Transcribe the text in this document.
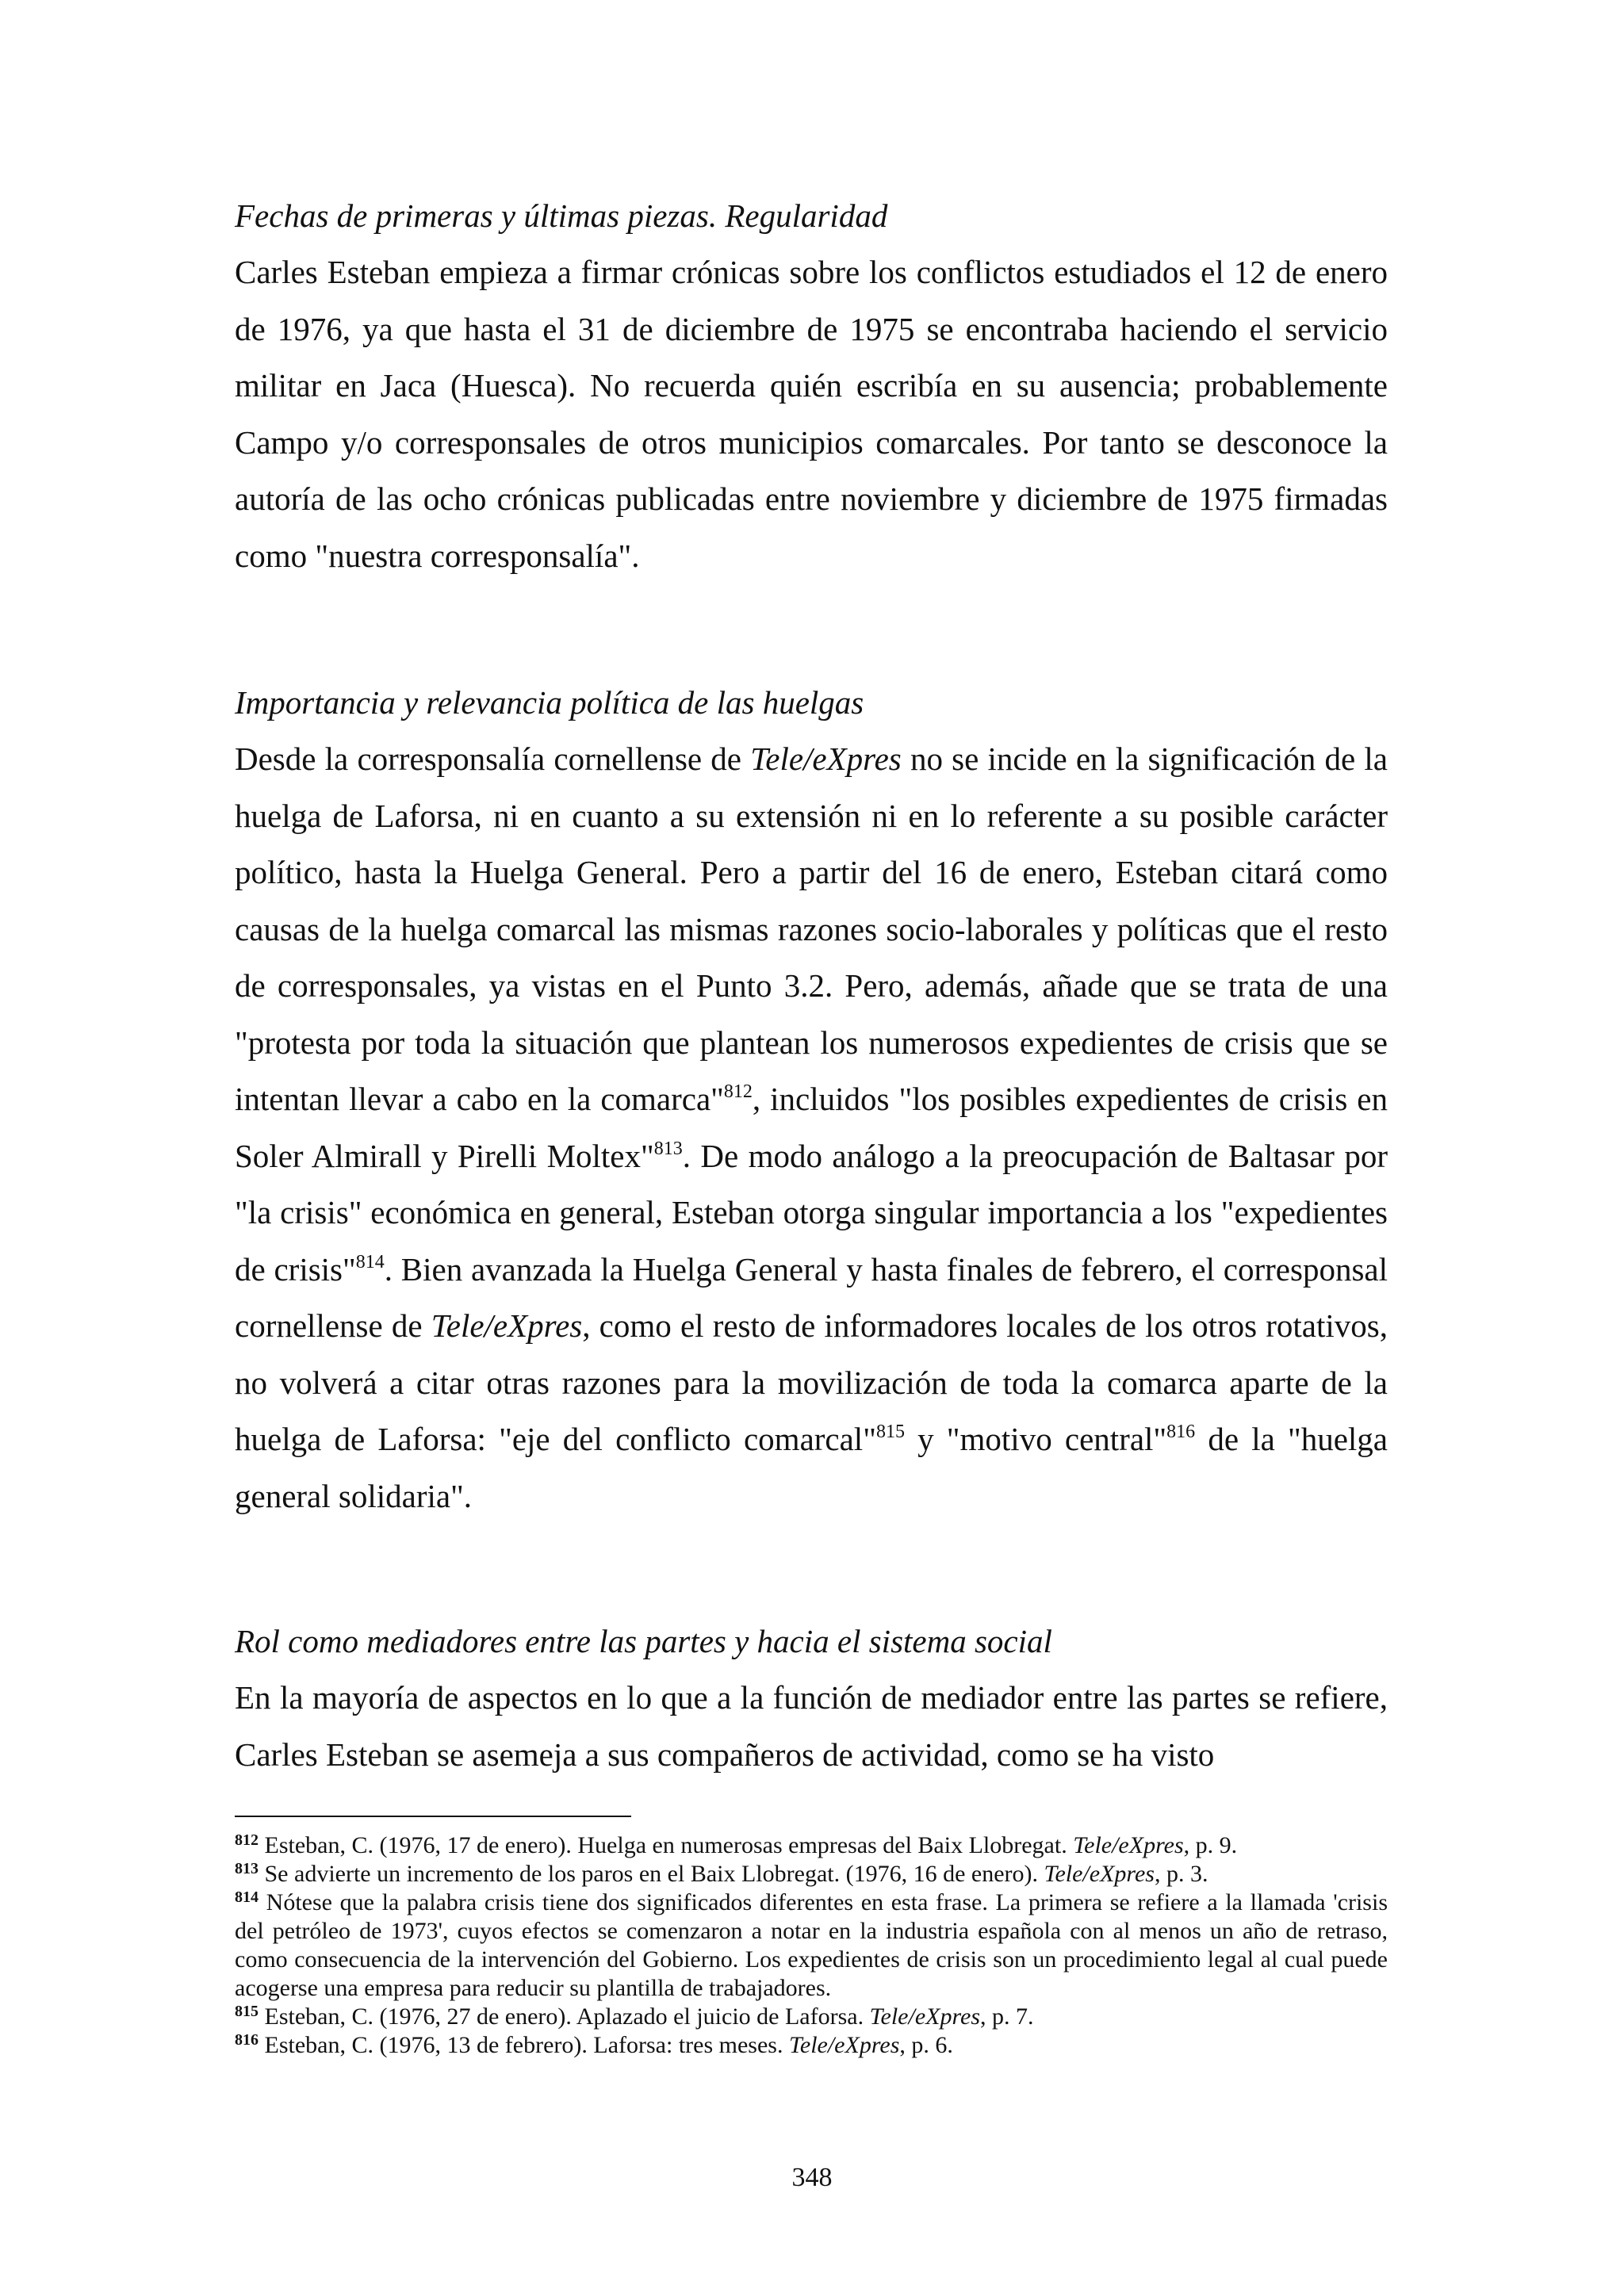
Fechas de primeras y últimas piezas. Regularidad

Carles Esteban empieza a firmar crónicas sobre los conflictos estudiados el 12 de enero de 1976, ya que hasta el 31 de diciembre de 1975 se encontraba haciendo el servicio militar en Jaca (Huesca). No recuerda quién escribía en su ausencia; probablemente Campo y/o corresponsales de otros municipios comarcales. Por tanto se desconoce la autoría de las ocho crónicas publicadas entre noviembre y diciembre de 1975 firmadas como "nuestra corresponsalía".

Importancia y relevancia política de las huelgas

Desde la corresponsalía cornellense de Tele/eXpres no se incide en la significación de la huelga de Laforsa, ni en cuanto a su extensión ni en lo referente a su posible carácter político, hasta la Huelga General. Pero a partir del 16 de enero, Esteban citará como causas de la huelga comarcal las mismas razones socio-laborales y políticas que el resto de corresponsales, ya vistas en el Punto 3.2. Pero, además, añade que se trata de una "protesta por toda la situación que plantean los numerosos expedientes de crisis que se intentan llevar a cabo en la comarca"$^{812}$, incluidos "los posibles expedientes de crisis en Soler Almirall y Pirelli Moltex"$^{813}$. De modo análogo a la preocupación de Baltasar por "la crisis" económica en general, Esteban otorga singular importancia a los "expedientes de crisis"$^{814}$. Bien avanzada la Huelga General y hasta finales de febrero, el corresponsal cornellense de Tele/eXpres, como el resto de informadores locales de los otros rotativos, no volverá a citar otras razones para la movilización de toda la comarca aparte de la huelga de Laforsa: "eje del conflicto comarcal"$^{815}$ y "motivo central"$^{816}$ de la "huelga general solidaria".

Rol como mediadores entre las partes y hacia el sistema social

En la mayoría de aspectos en lo que a la función de mediador entre las partes se refiere, Carles Esteban se asemeja a sus compañeros de actividad, como se ha visto

$^{812}$ Esteban, C. (1976, 17 de enero). Huelga en numerosas empresas del Baix Llobregat. Tele/eXpres, p. 9.

$^{813}$ Se advierte un incremento de los paros en el Baix Llobregat. (1976, 16 de enero). Tele/eXpres, p. 3.

$^{814}$ Nótese que la palabra crisis tiene dos significados diferentes en esta frase. La primera se refiere a la llamada 'crisis del petróleo de 1973', cuyos efectos se comenzaron a notar en la industria española con al menos un año de retraso, como consecuencia de la intervención del Gobierno. Los expedientes de crisis son un procedimiento legal al cual puede acogerse una empresa para reducir su plantilla de trabajadores.

$^{815}$ Esteban, C. (1976, 27 de enero). Aplazado el juicio de Laforsa. Tele/eXpres, p. 7.

$^{816}$ Esteban, C. (1976, 13 de febrero). Laforsa: tres meses. Tele/eXpres, p. 6.

348
